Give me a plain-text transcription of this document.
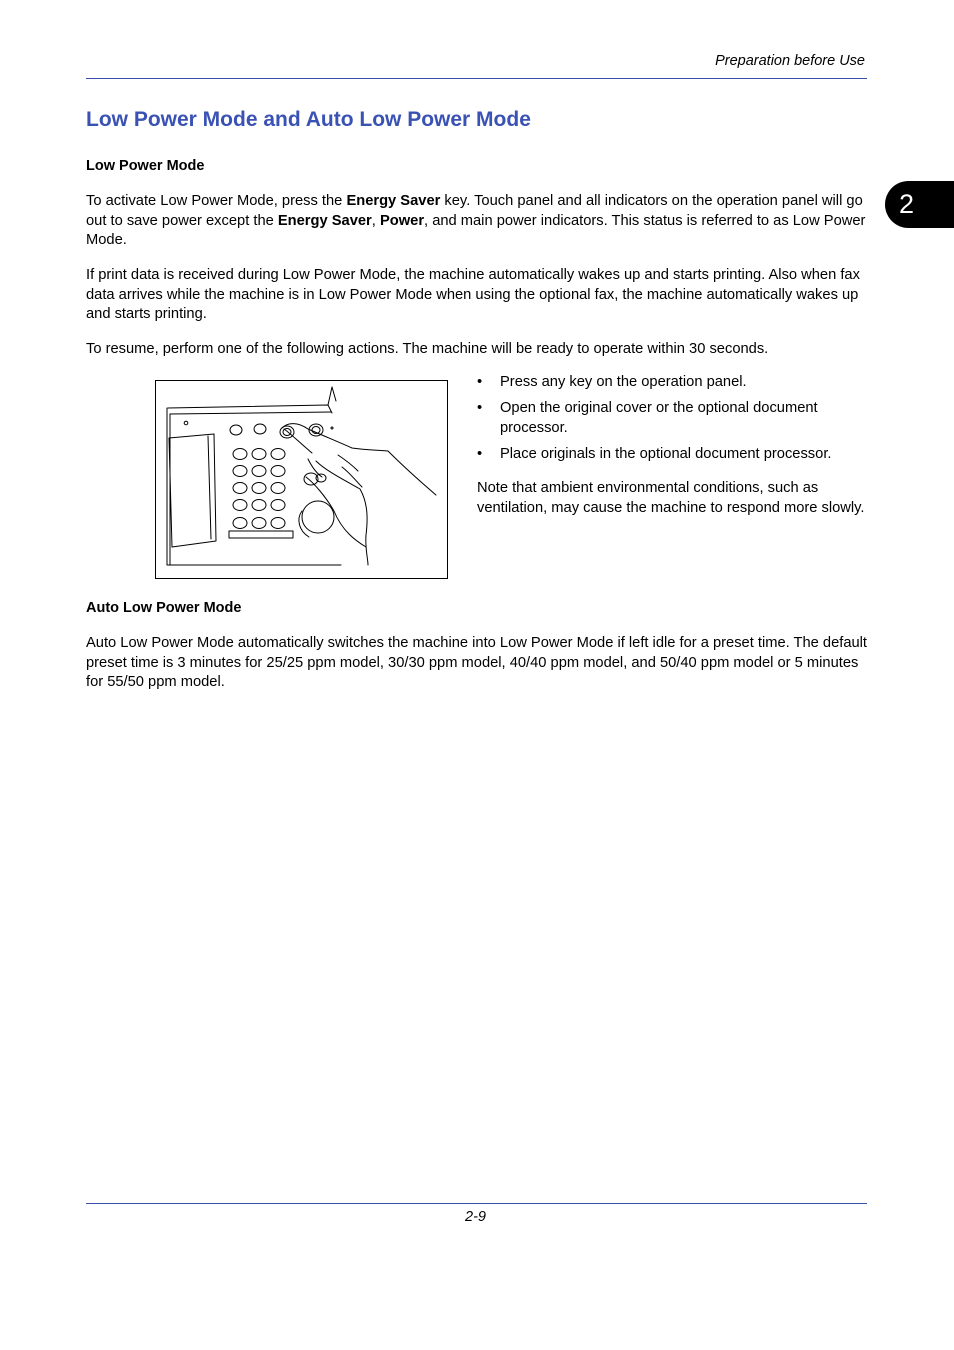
Preparation before Use
2
Low Power Mode and Auto Low Power Mode
Low Power Mode

To activate Low Power Mode, press the Energy Saver key. Touch panel and all indicators on the operation panel will go out to save power except the Energy Saver, Power, and main power indicators. This status is referred to as Low Power Mode.

If print data is received during Low Power Mode, the machine automatically wakes up and starts printing. Also when fax data arrives while the machine is in Low Power Mode when using the optional fax, the machine automatically wakes up and starts printing.

To resume, perform one of the following actions. The machine will be ready to operate within 30 seconds.

• Press any key on the operation panel.
• Open the original cover or the optional document processor.
• Place originals in the optional document processor.

Note that ambient environmental conditions, such as ventilation, may cause the machine to respond more slowly.

Auto Low Power Mode

Auto Low Power Mode automatically switches the machine into Low Power Mode if left idle for a preset time. The default preset time is 3 minutes for 25/25 ppm model, 30/30 ppm model, 40/40 ppm model, and 50/40 ppm model or 5 minutes for 55/50 ppm model.

2-9
